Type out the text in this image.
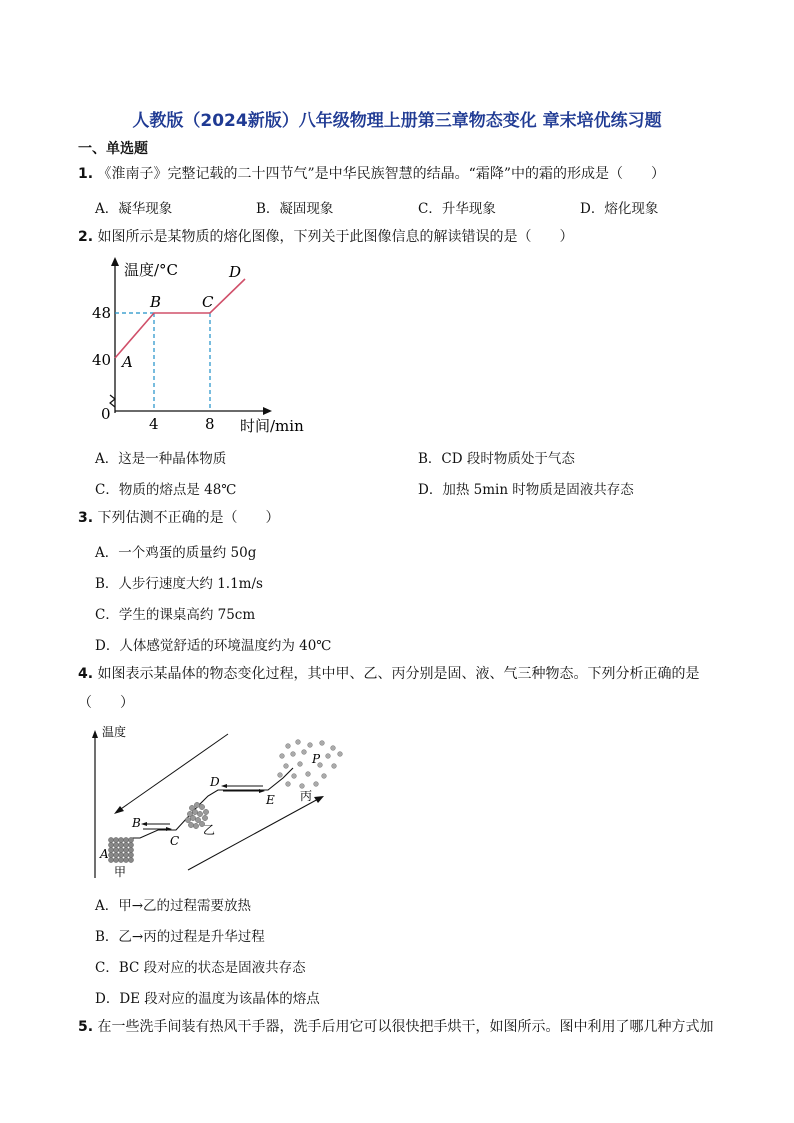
人教版（2024新版）八年级物理上册第三章物态变化 章末培优练习题
一、单选题
1. 《淮南子》完整记载的二十四节气”是中华民族智慧的结晶。“霜降”中的霜的形成是（　　）
A．凝华现象	B．凝固现象	C．升华现象	D．熔化现象
2. 如图所示是某物质的熔化图像，下列关于此图像信息的解读错误的是（　　）
温度/°C
时间/min
0
48
40
4	8
A
B	C
D
A．这是一种晶体物质	B．CD 段时物质处于气态
C．物质的熔点是 48℃	D．加热 5min 时物质是固液共存态
3. 下列估测不正确的是（　　）
A．一个鸡蛋的质量约 50g
B．人步行速度大约 1.1m/s
C．学生的课桌高约 75cm
D．人体感觉舒适的环境温度约为 40℃
4. 如图表示某晶体的物态变化过程，其中甲、乙、丙分别是固、液、气三种物态。下列分析正确的是
（　　）
温度
A
B
C
D
E
P
甲
乙
丙
A．甲→乙的过程需要放热
B．乙→丙的过程是升华过程
C．BC 段对应的状态是固液共存态
D．DE 段对应的温度为该晶体的熔点
5. 在一些洗手间装有热风干手器，洗手后用它可以很快把手烘干，如图所示。图中利用了哪几种方式加
